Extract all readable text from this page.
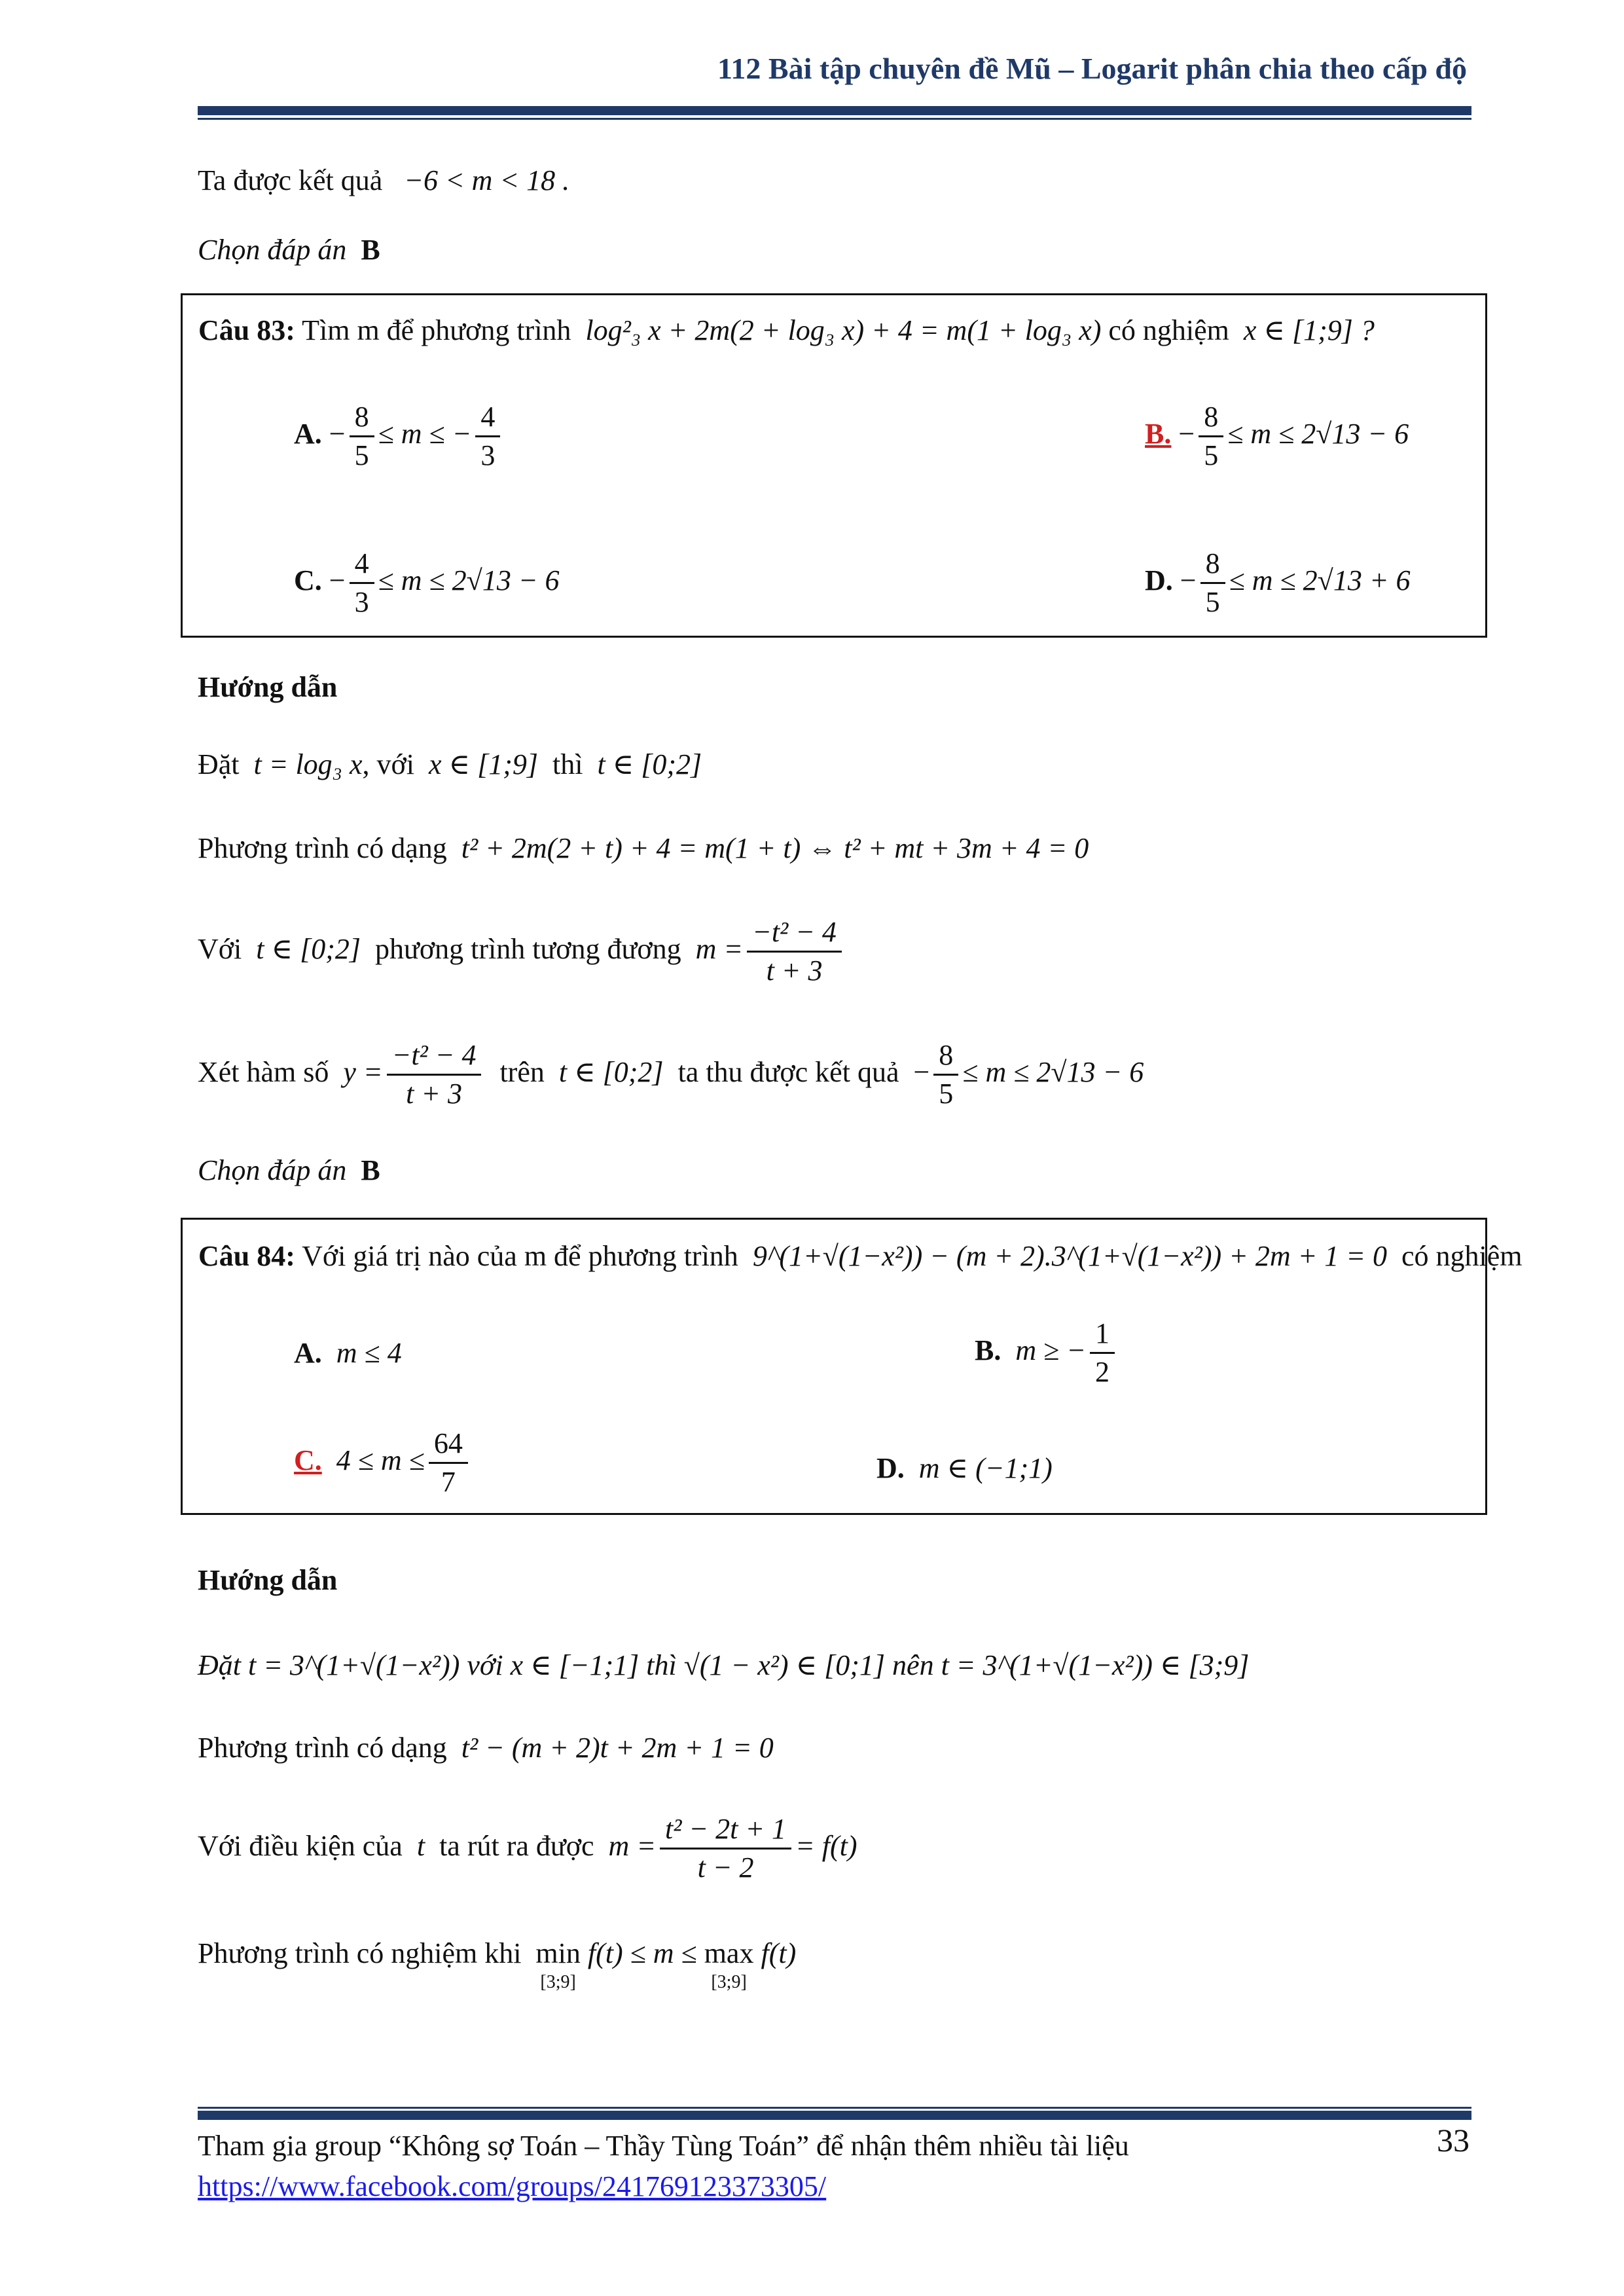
112 Bài tập chuyên đề Mũ – Logarit phân chia theo cấp độ
Ta được kết quả −6 < m < 18 .
Chọn đáp án B
Câu 83: Tìm m để phương trình log²₃ x + 2m(2 + log₃ x) + 4 = m(1 + log₃ x) có nghiệm x ∈ [1;9] ?
A. − $\frac{8}{5} \le m$ ≤ − $\frac{4}{3}$	B. − $\frac{8}{5} \le m \le 2√13 - 6$
C. − $\frac{4}{3} \le m \le 2√13 - 6$	D. − $\frac{8}{5} \le m \le 2√13 + 6$
Hướng dẫn
Đặt t = log₃ x, với x ∈ [1;9] thì t ∈ [0;2]
Phương trình có dạng t² + 2m(2 + t) + 4 = m(1 + t) ⇔ t² + mt + 3m + 4 = 0
Với t ∈ [0;2] phương trình tương đương $m = \frac{\text{−t² − 4}}{t + 3}$
Xét hàm số $y = \frac{\text{−t² − 4}}{t + 3}$ trên t ∈ [0;2] ta thu được kết quả − $\frac{8}{5} \le m \le 2√13 - 6$
Chọn đáp án B
Câu 84: Với giá trị nào của m để phương trình 9^(1+√(1−x²)) − (m + 2).3^(1+√(1−x²)) + 2m + 1 = 0 có nghiệm
A. m ≤ 4	B. m ≥ − $\frac{1}{2}$
C. $4 \le m \le \frac{64}{7}$	D. m ∈ (−1;1)
Hướng dẫn
Đặt t = 3^(1+√(1−x²)) với x ∈ [−1;1] thì √(1 − x²) ∈ [0;1] nên t = 3^(1+√(1−x²)) ∈ [3;9]
Phương trình có dạng t² − (m + 2)t + 2m + 1 = 0
Với điều kiện của t ta rút ra được $m = \frac{\text{t² − 2t + 1}}{t - 2} = f(t)$
Phương trình có nghiệm khi min
[3;9]
f(t) ≤ m ≤ max
[3;9]
f(t)
Tham gia group “Không sợ Toán – Thầy Tùng Toán” để nhận thêm nhiều tài liệu
https://www.facebook.com/groups/241769123373305/
33
